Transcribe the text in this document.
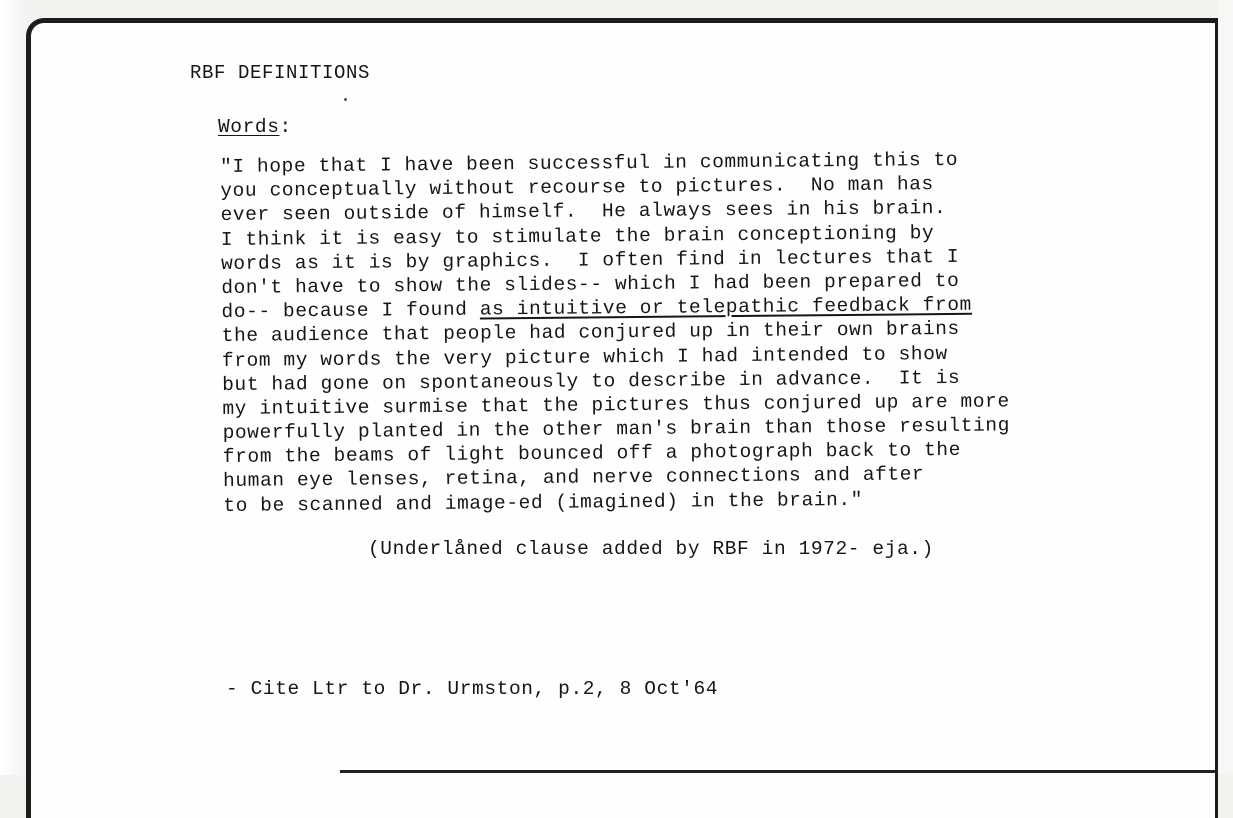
RBF DEFINITIONS
Words:
"I hope that I have been successful in communicating this to
you conceptually without recourse to pictures.  No man has
ever seen outside of himself.  He always sees in his brain.
I think it is easy to stimulate the brain conceptioning by
words as it is by graphics.  I often find in lectures that I
don't have to show the slides-- which I had been prepared to
do-- because I found as intuitive or telepathic feedback from
the audience that people had conjured up in their own brains
from my words the very picture which I had intended to show
but had gone on spontaneously to describe in advance.  It is
my intuitive surmise that the pictures thus conjured up are more
powerfully planted in the other man's brain than those resulting
from the beams of light bounced off a photograph back to the
human eye lenses, retina, and nerve connections and after
to be scanned and image-ed (imagined) in the brain."
(Underlåned clause added by RBF in 1972- eja.)
- Cite Ltr to Dr. Urmston, p.2, 8 Oct'64
